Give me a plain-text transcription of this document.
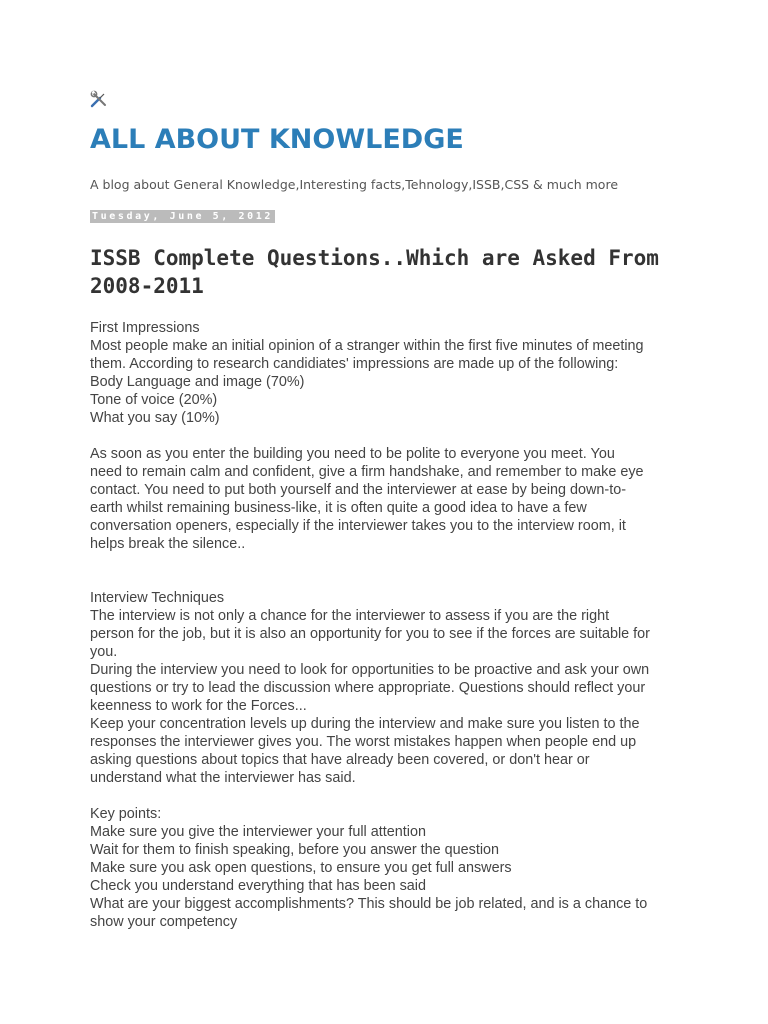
ALL ABOUT KNOWLEDGE
A blog about General Knowledge,Interesting facts,Tehnology,ISSB,CSS & much more
Tuesday, June 5, 2012
ISSB Complete Questions..Which are Asked From
2008-2011
First Impressions
Most people make an initial opinion of a stranger within the first five minutes of meeting
them. According to research candidiates' impressions are made up of the following:
Body Language and image (70%)
Tone of voice (20%)
What you say (10%)
As soon as you enter the building you need to be polite to everyone you meet. You
need to remain calm and confident, give a firm handshake, and remember to make eye
contact. You need to put both yourself and the interviewer at ease by being down-to-
earth whilst remaining business-like, it is often quite a good idea to have a few
conversation openers, especially if the interviewer takes you to the interview room, it
helps break the silence..
Interview Techniques
The interview is not only a chance for the interviewer to assess if you are the right
person for the job, but it is also an opportunity for you to see if the forces are suitable for
you.
During the interview you need to look for opportunities to be proactive and ask your own
questions or try to lead the discussion where appropriate. Questions should reflect your
keenness to work for the Forces...
Keep your concentration levels up during the interview and make sure you listen to the
responses the interviewer gives you. The worst mistakes happen when people end up
asking questions about topics that have already been covered, or don't hear or
understand what the interviewer has said.
Key points:
Make sure you give the interviewer your full attention
Wait for them to finish speaking, before you answer the question
Make sure you ask open questions, to ensure you get full answers
Check you understand everything that has been said
What are your biggest accomplishments? This should be job related, and is a chance to
show your competency
